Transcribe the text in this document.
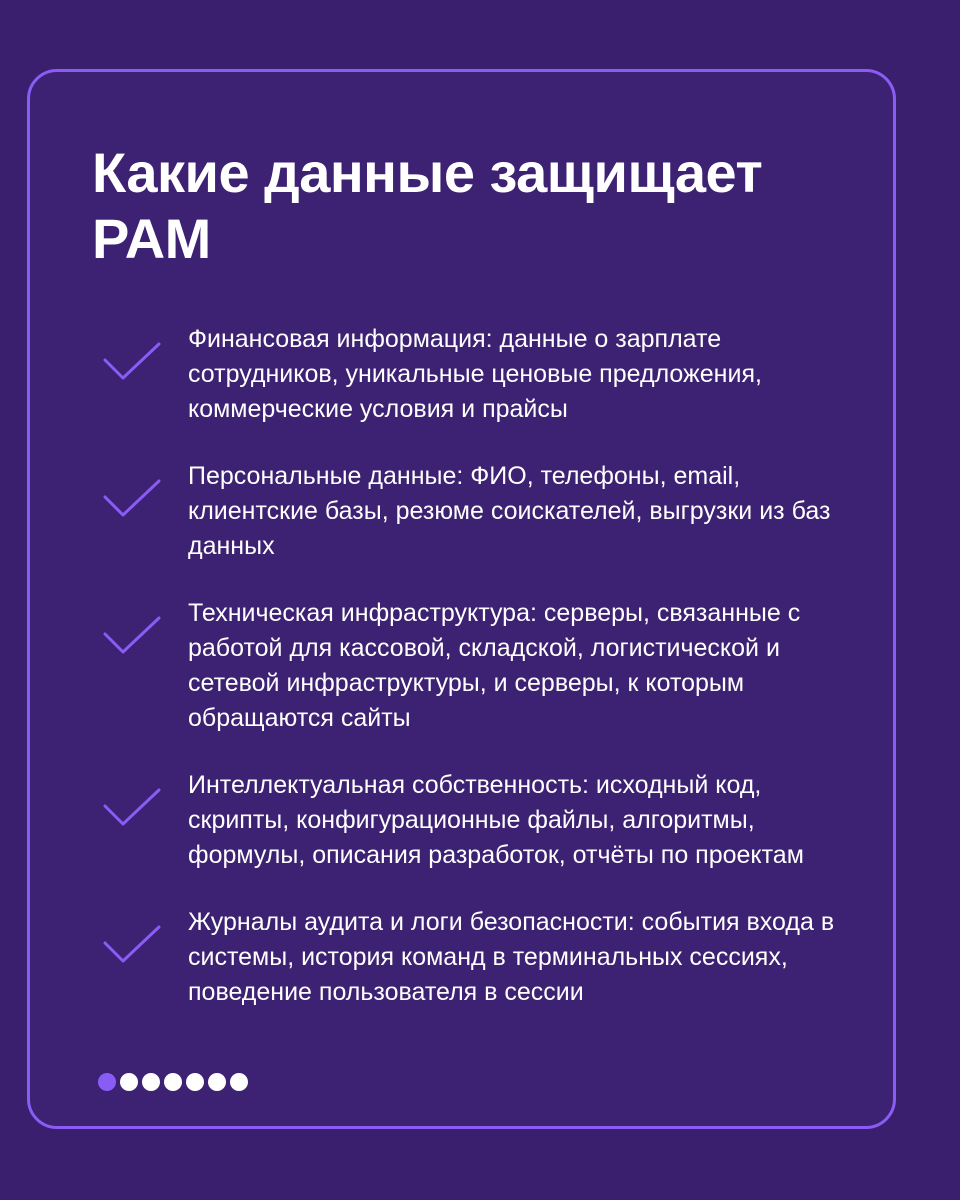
Какие данные защищает PAM
Финансовая информация: данные о зарплате сотрудников, уникальные ценовые предложения, коммерческие условия и прайсы
Персональные данные: ФИО, телефоны, email, клиентские базы, резюме соискателей, выгрузки из баз данных
Техническая инфраструктура: серверы, связанные с работой для кассовой, складской, логистической и сетевой инфраструктуры, и серверы, к которым обращаются сайты
Интеллектуальная собственность: исходный код, скрипты, конфигурационные файлы, алгоритмы, формулы, описания разработок, отчёты по проектам
Журналы аудита и логи безопасности: события входа в системы, история команд в терминальных сессиях, поведение пользователя в сессии
